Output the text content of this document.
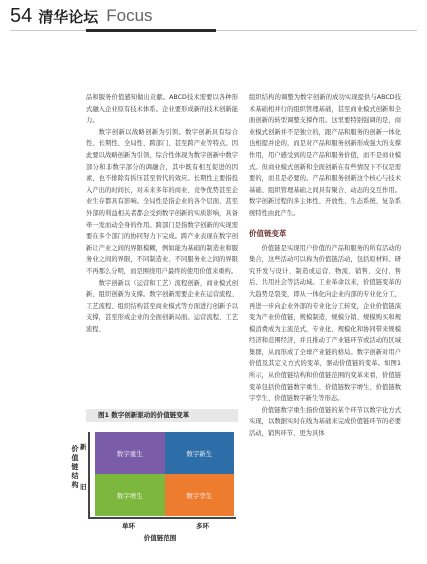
54 清华论坛 Focus

品和服务价值感知做出贡献。ABCD技术需要以各种形式融入企业原有技术体系。企业要形成新的技术创新能力。

数字创新以战略创新为引领。数字创新具有综合性、长期性、全局性、跨部门、甚至跨产业等特点。因此要以战略创新为引领，综合性体现为数字创新中数字部分和非数字部分的调融合，其中既有相互促进的因素，也不排除有拆压甚至替代的效应。长期性主要指投入产出的时间长，对未来多年的商业、竞争优势甚至企业生存都具有影响。全局性是指企业的各个层面、甚至外部的利益相关者都会受到数字创新的实质影响，具备牵一发而动全身的作用。跨部门是指数字创新的实现需要在多个部门的协同努力下完成。跨产业表现在数字创新让产业之间的界限模糊，例如能为基础的制造业和服务业之间的界限，不同制造业、不同服务业之间的界限不再那么分明，而是围绕用户最终的使用价值来重构。

数字创新以（运营和工艺）流程创新，商业模式创新、组织创新为支撑。数字创新需要企业在运营流程、工艺流程、组织结构甚至商业模式等方面进行创新予以支撑，甚至形成企业的全面创新局面。运营流程、工艺流程、

组织结构的调整为数字创新的成功实现提供与ABCD技术基础相并行的组织管理基础，甚至商业模式创新和全面创新的转型调整支撑作用。这里要特别强调的是，商业模式创新并不是独立的，跟产品和服务的创新一体化也相提并论的，而是对产品和服务创新形成强大的支撑作用，用户感受到的是产品和服务价值，而不是商业模式。但商业模式创新和全面创新在有些情况下不仅是需要的，而且是必要的。产品和服务创新这个核心与技术基础、组织管理基础之间具有聚合、动态的交互作用。数字创新过程的多主体性、开放性、生态系统、复杂系统特性由此产生。

价值链变革

价值链是实现用户价值的产品和服务的所有活动的集合，这些活动可以称为价值链活动，包括原材料、研究开发与设计、制造或运营、物流、销售、交付、售后、共用社会等活动域。工业革命以来，价值链变革的大趋势是裂变，即从一体化向企业内部的专业化分工，再进一步向企业外部的专业化分工转变，企业价值链演变为产业价值链，规模制造，规模分销、规模购买和规模消费成为主流范式，专业化、规模化和协同带来规模经济和范围经济，并且推动了产业链环节或活动的区域集群，从而形成了全球产业链的格局。数字创新对用户价值及其定义方式的变革，驱动价值链的变革。如图1所示，从价值链结构和价值链范围的变革来看，价值链变革包括价值链数字重生、价值链数字增生、价值链数字孪生、价值链数字新生等形态。

价值链数字重生指价值链的某个环节以数字化方式实现，以数据实时在线为基础来完成价值链环节的必要活动，销售环节、更为具体

图1 数字创新驱动的价值链变革
价值链结构
新
旧
数字重生	数字新生
数字增生	数字孪生
单环	多环
价值链范围
